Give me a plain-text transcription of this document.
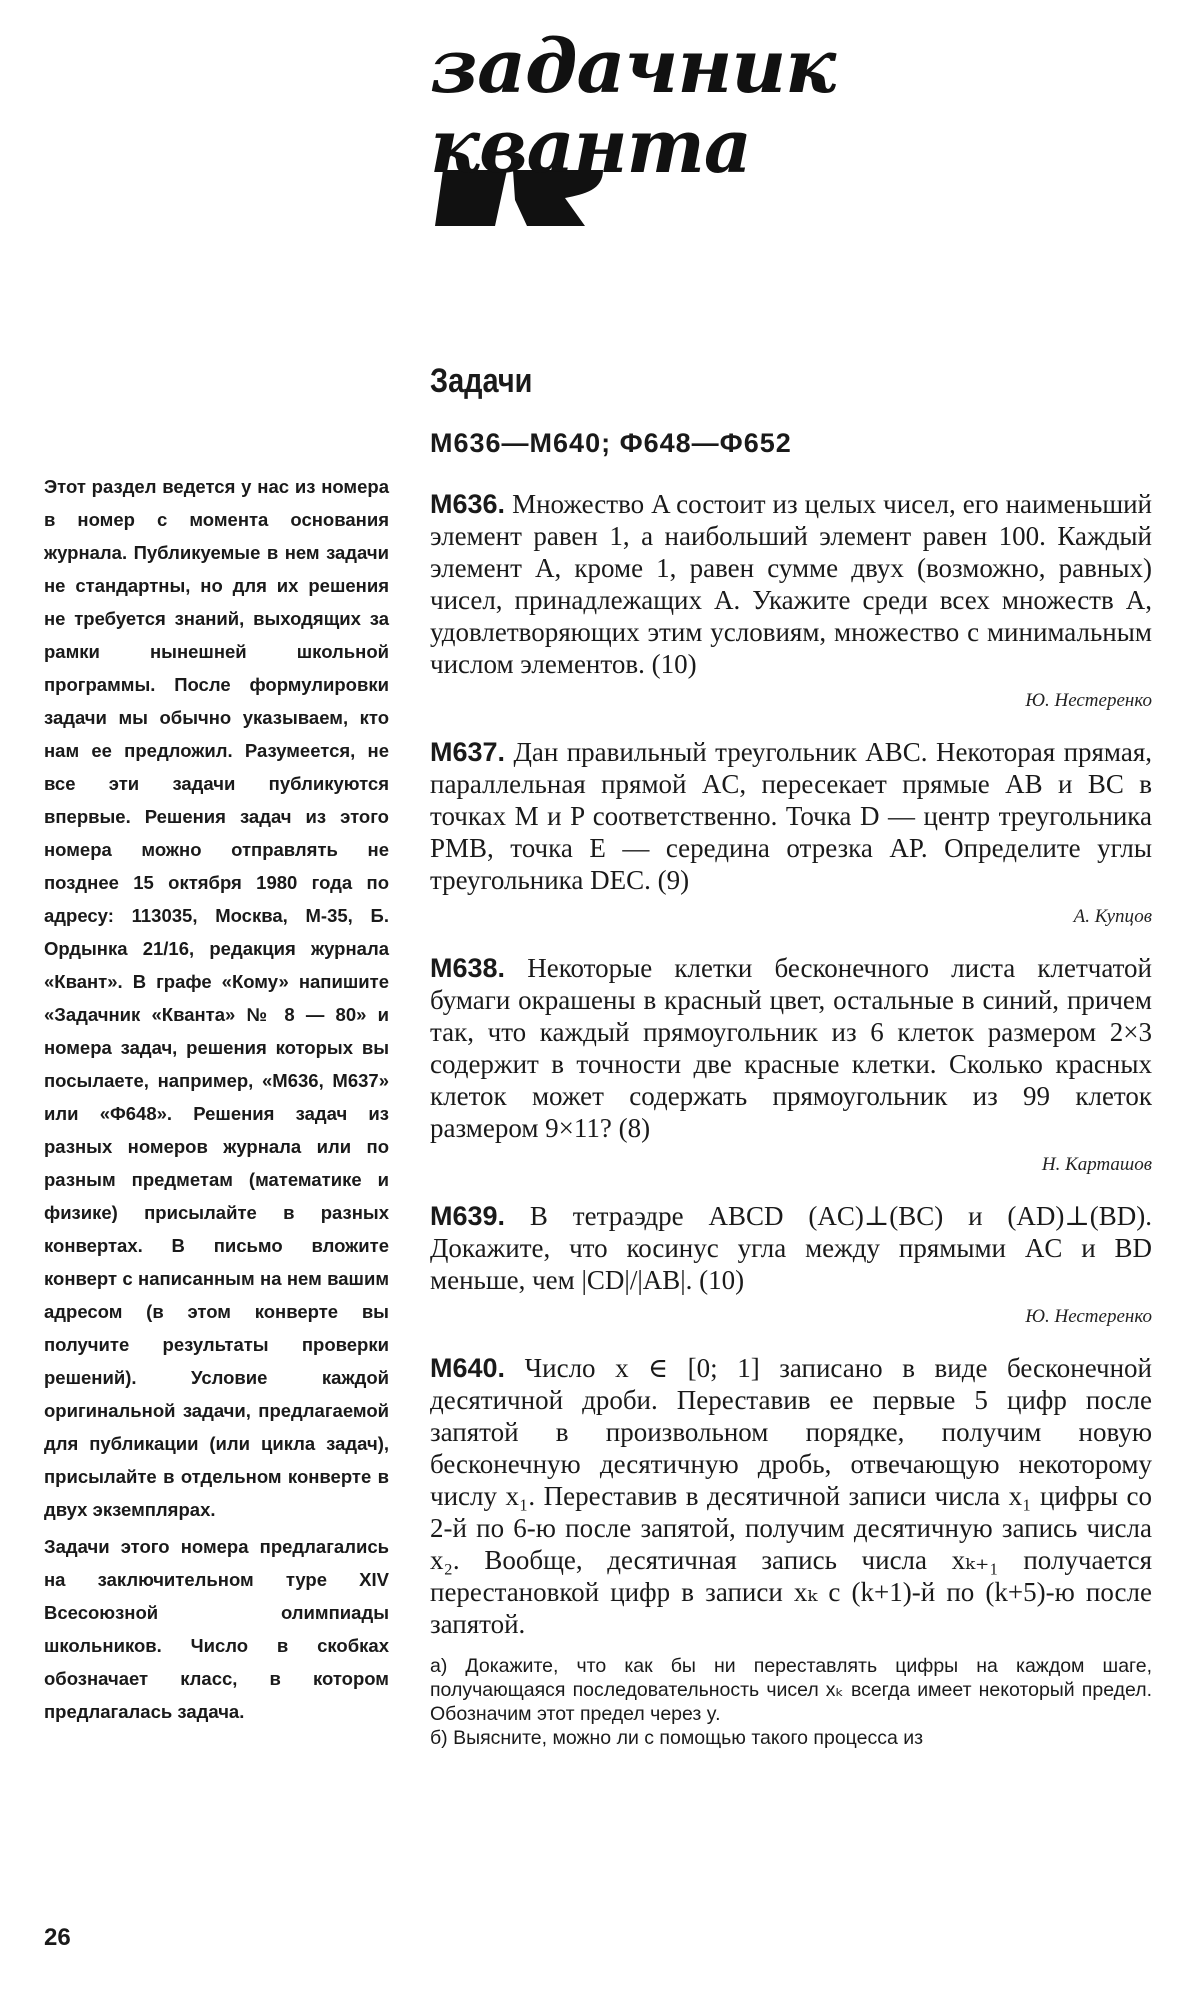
задачник
кванта
Задачи
М636—М640; Ф648—Ф652

Этот раздел ведется у нас из номера в номер с момента основания журнала. Публикуемые в нем задачи не стандартны, но для их решения не требуется знаний, выходящих за рамки нынешней школьной программы. После формулировки задачи мы обычно указываем, кто нам ее предложил. Разумеется, не все эти задачи публикуются впервые. Решения задач из этого номера можно отправлять не позднее 15 октября 1980 года по адресу: 113035, Москва, М-35, Б. Ордынка 21/16, редакция журнала «Квант». В графе «Кому» напишите «Задачник «Кванта» № 8 — 80» и номера задач, решения которых вы посылаете, например, «М636, М637» или «Ф648». Решения задач из разных номеров журнала или по разным предметам (математике и физике) присылайте в разных конвертах. В письмо вложите конверт с написанным на нем вашим адресом (в этом конверте вы получите результаты проверки решений). Условие каждой оригинальной задачи, предлагаемой для публикации (или цикла задач), присылайте в отдельном конверте в двух экземплярах.

Задачи этого номера предлагались на заключительном туре XIV Всесоюзной олимпиады школьников. Число в скобках обозначает класс, в котором предлагалась задача.

М636. Множество A состоит из целых чисел, его наименьший элемент равен 1, а наибольший элемент равен 100. Каждый элемент A, кроме 1, равен сумме двух (возможно, равных) чисел, принадлежащих A. Укажите среди всех множеств A, удовлетворяющих этим условиям, множество с минимальным числом элементов. (10)
Ю. Нестеренко
М637. Дан правильный треугольник ABC. Некоторая прямая, параллельная прямой AC, пересекает прямые AB и BC в точках M и P соответственно. Точка D — центр треугольника PMB, точка E — середина отрезка AP. Определите углы треугольника DEC. (9)
А. Купцов
М638. Некоторые клетки бесконечного листа клетчатой бумаги окрашены в красный цвет, остальные в синий, причем так, что каждый прямоугольник из 6 клеток размером 2×3 содержит в точности две красные клетки. Сколько красных клеток может содержать прямоугольник из 99 клеток размером 9×11? (8)
Н. Карташов
М639. В тетраэдре ABCD (AC)⊥(BC) и (AD)⊥(BD). Докажите, что косинус угла между прямыми AC и BD меньше, чем |CD|/|AB|. (10)
Ю. Нестеренко
М640. Число x ∈ [0; 1] записано в виде бесконечной десятичной дроби. Переставив ее первые 5 цифр после запятой в произвольном порядке, получим новую бесконечную десятичную дробь, отвечающую некоторому числу x₁. Переставив в десятичной записи числа x₁ цифры со 2-й по 6-ю после запятой, получим десятичную запись числа x₂. Вообще, десятичная запись числа xₖ₊₁ получается перестановкой цифр в записи xₖ с (k+1)-й по (k+5)-ю после запятой.

а) Докажите, что как бы ни переставлять цифры на каждом шаге, получающаяся последовательность чисел xₖ всегда имеет некоторый предел. Обозначим этот предел через y.

б) Выясните, можно ли с помощью такого процесса из

26
